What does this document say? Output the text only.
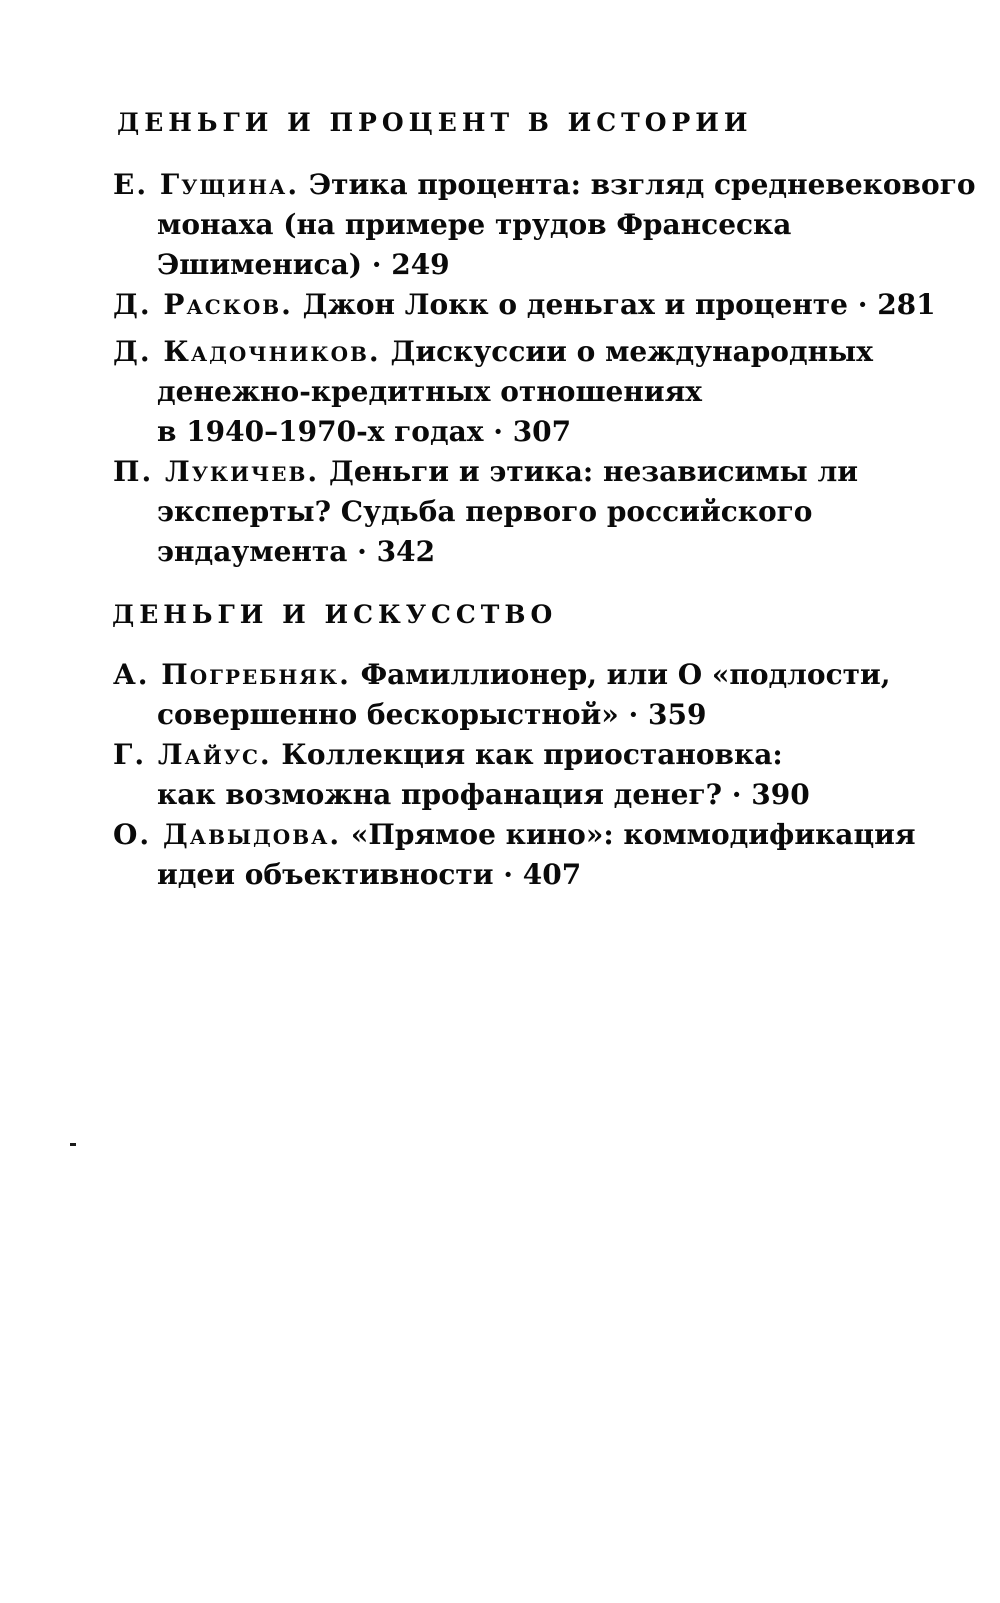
ДЕНЬГИ И ПРОЦЕНТ В ИСТОРИИ
Е. Гущина. Этика процента: взгляд средневекового
монаха (на примере трудов Франсеска
Эшимениса) · 249
Д. Расков. Джон Локк о деньгах и проценте · 281
Д. Кадочников. Дискуссии о международных
денежно-кредитных отношениях
в 1940–1970-х годах · 307
П. Лукичев. Деньги и этика: независимы ли
эксперты? Судьба первого российского
эндаумента · 342
ДЕНЬГИ И ИСКУССТВО
А. Погребняк. Фамиллионер, или О «подлости,
совершенно бескорыстной» · 359
Г. Лайус. Коллекция как приостановка:
как возможна профанация денег? · 390
О. Давыдова. «Прямое кино»: коммодификация
идеи объективности · 407
